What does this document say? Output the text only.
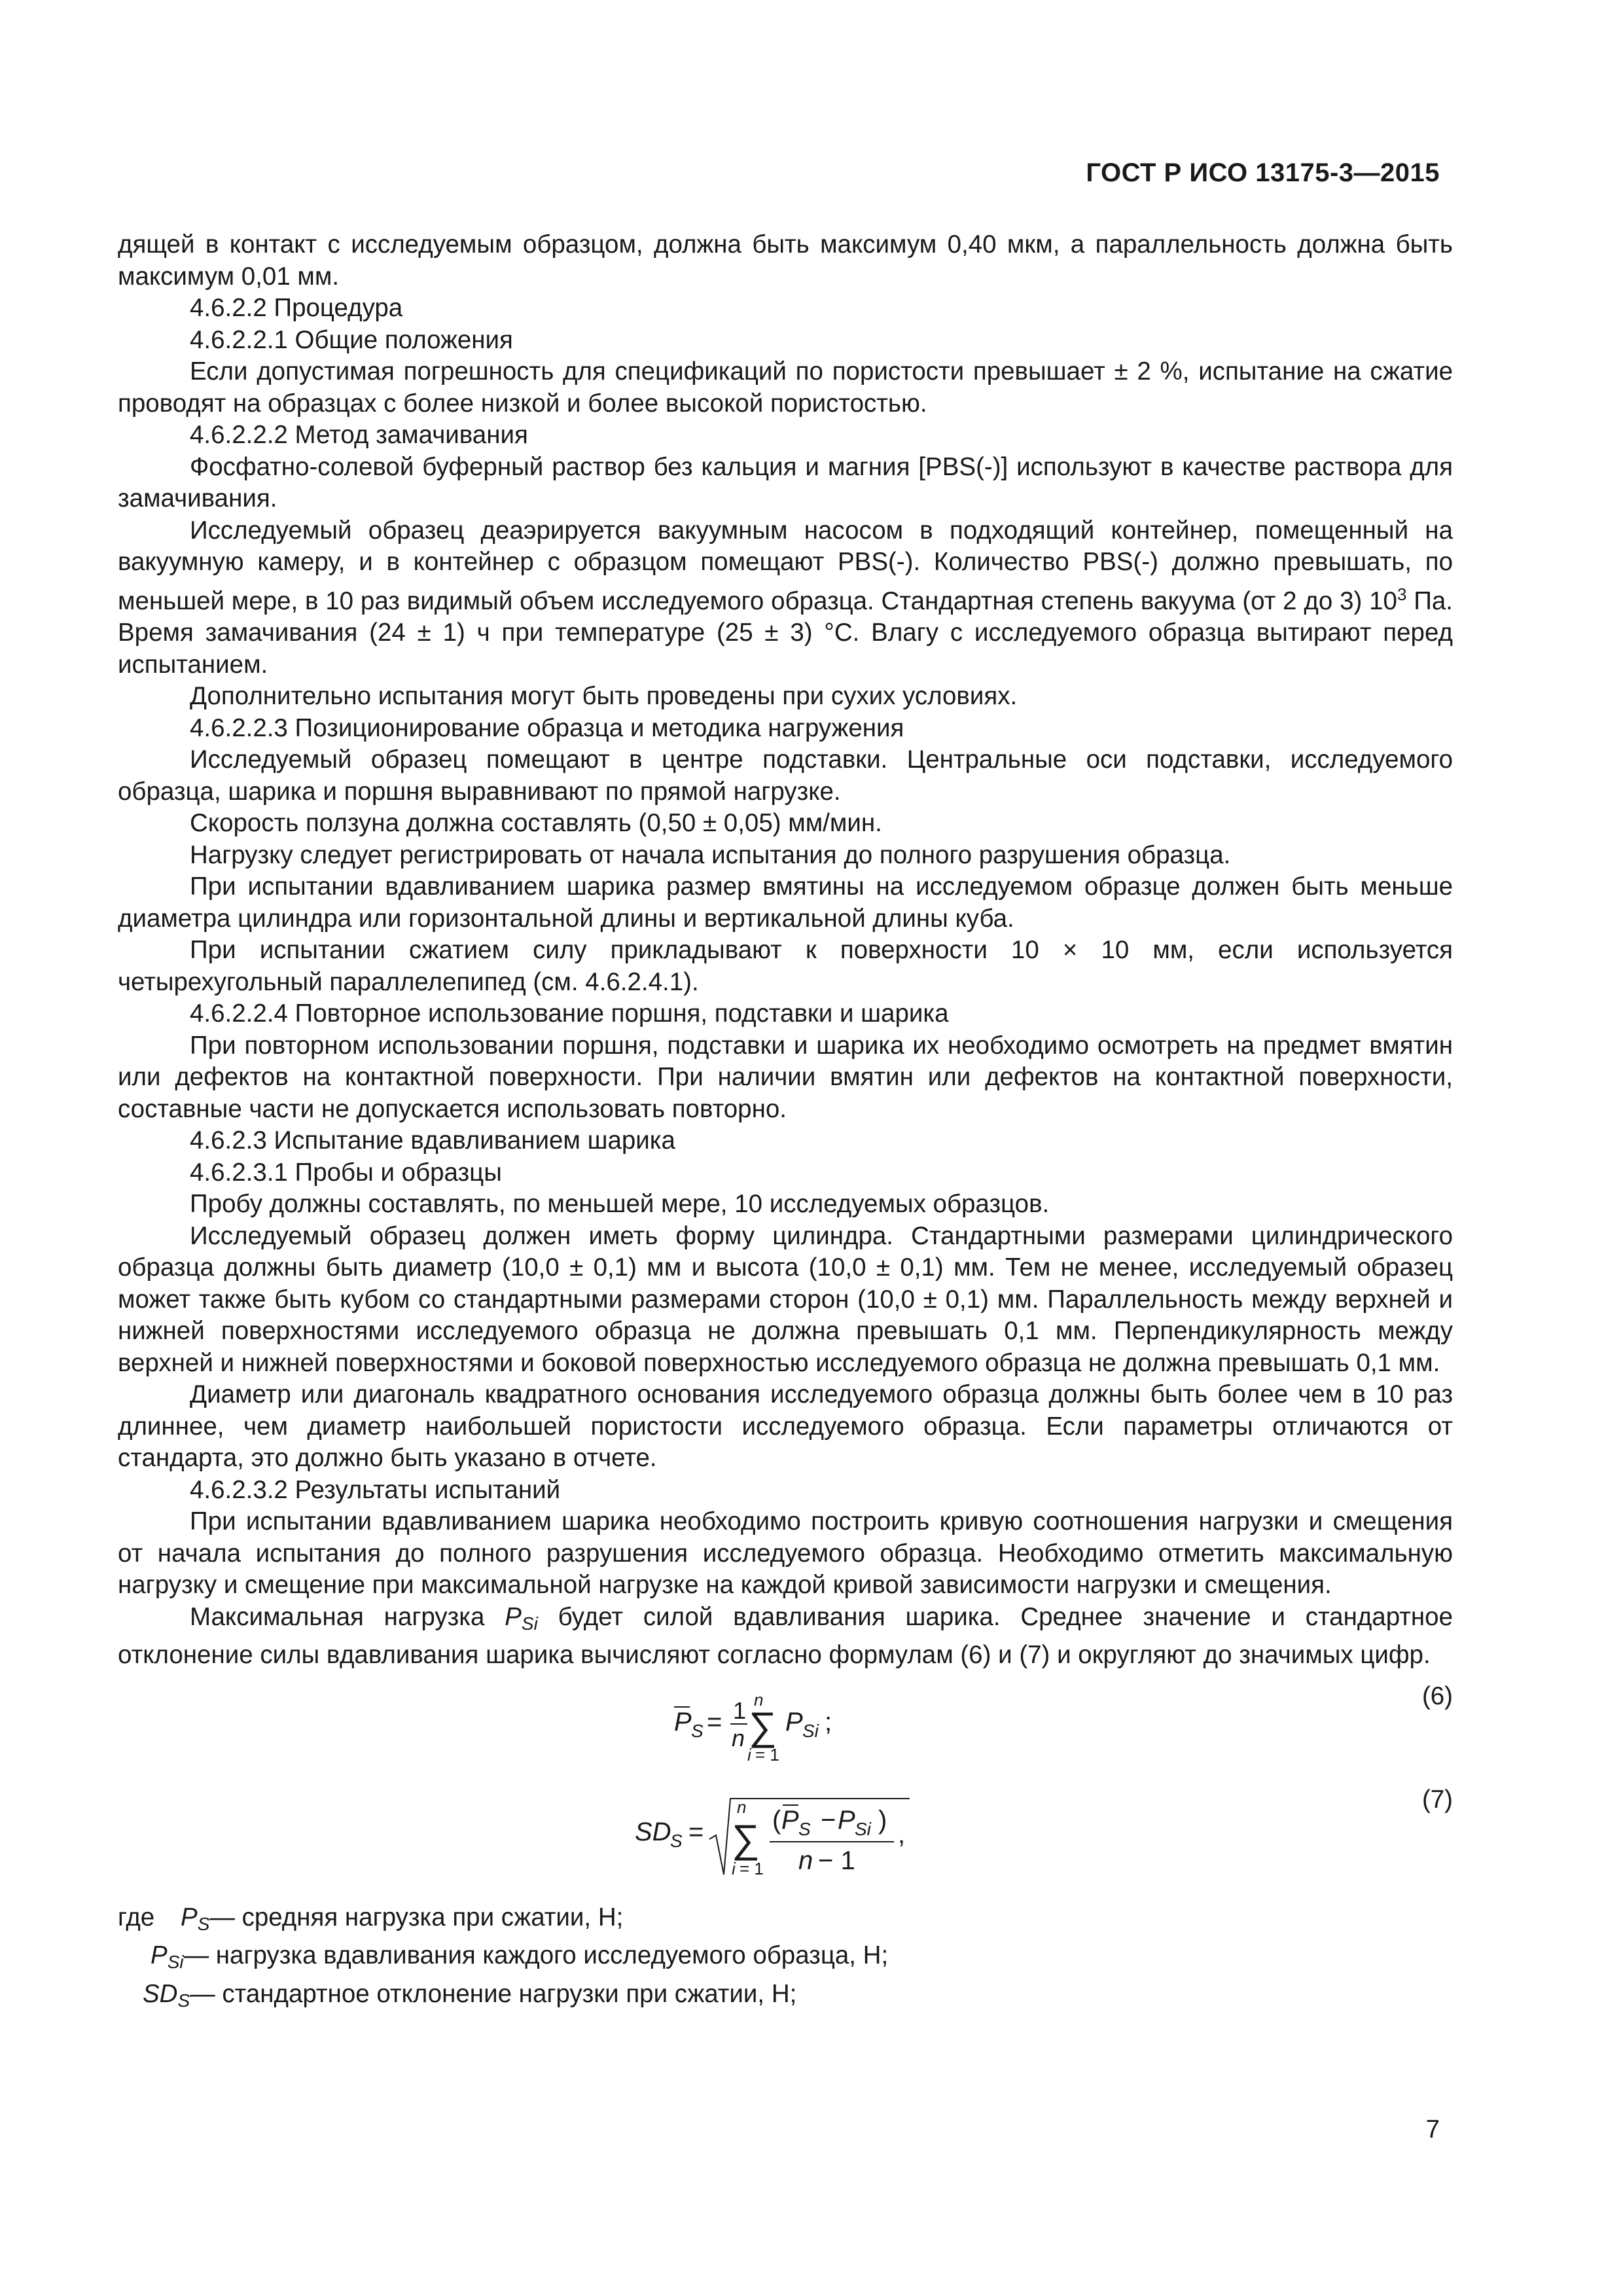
ГОСТ Р ИСО 13175-3—2015

дящей в контакт с исследуемым образцом, должна быть максимум 0,40 мкм, а параллельность должна быть максимум 0,01 мм.

4.6.2.2 Процедура

4.6.2.2.1 Общие положения

Если допустимая погрешность для спецификаций по пористости превышает ± 2 %, испытание на сжатие проводят на образцах с более низкой и более высокой пористостью.

4.6.2.2.2 Метод замачивания

Фосфатно-солевой буферный раствор без кальция и магния [PBS(-)] используют в качестве раствора для замачивания.

Исследуемый образец деаэрируется вакуумным насосом в подходящий контейнер, помещенный на вакуумную камеру, и в контейнер с образцом помещают PBS(-). Количество PBS(-) должно превышать, по меньшей мере, в 10 раз видимый объем исследуемого образца. Стандартная степень вакуума (от 2 до 3) $10^3$ Па. Время замачивания (24 ± 1) ч при температуре (25 ± 3) °С. Влагу с исследуемого образца вытирают перед испытанием.

Дополнительно испытания могут быть проведены при сухих условиях.

4.6.2.2.3 Позиционирование образца и методика нагружения

Исследуемый образец помещают в центре подставки. Центральные оси подставки, исследуемого образца, шарика и поршня выравнивают по прямой нагрузке.

Скорость ползуна должна составлять (0,50 ± 0,05) мм/мин.

Нагрузку следует регистрировать от начала испытания до полного разрушения образца.

При испытании вдавливанием шарика размер вмятины на исследуемом образце должен быть меньше диаметра цилиндра или горизонтальной длины и вертикальной длины куба.

При испытании сжатием силу прикладывают к поверхности 10 × 10 мм, если используется четырехугольный параллелепипед (см. 4.6.2.4.1).

4.6.2.2.4 Повторное использование поршня, подставки и шарика

При повторном использовании поршня, подставки и шарика их необходимо осмотреть на предмет вмятин или дефектов на контактной поверхности. При наличии вмятин или дефектов на контактной поверхности, составные части не допускается использовать повторно.

4.6.2.3 Испытание вдавливанием шарика

4.6.2.3.1 Пробы и образцы

Пробу должны составлять, по меньшей мере, 10 исследуемых образцов.

Исследуемый образец должен иметь форму цилиндра. Стандартными размерами цилиндрического образца должны быть диаметр (10,0 ± 0,1) мм и высота (10,0 ± 0,1) мм. Тем не менее, исследуемый образец может также быть кубом со стандартными размерами сторон (10,0 ± 0,1) мм. Параллельность между верхней и нижней поверхностями исследуемого образца не должна превышать 0,1 мм. Перпендикулярность между верхней и нижней поверхностями и боковой поверхностью исследуемого образца не должна превышать 0,1 мм.

Диаметр или диагональ квадратного основания исследуемого образца должны быть более чем в 10 раз длиннее, чем диаметр наибольшей пористости исследуемого образца. Если параметры отличаются от стандарта, это должно быть указано в отчете.

4.6.2.3.2 Результаты испытаний

При испытании вдавливанием шарика необходимо построить кривую соотношения нагрузки и смещения от начала испытания до полного разрушения исследуемого образца. Необходимо отметить максимальную нагрузку и смещение при максимальной нагрузке на каждой кривой зависимости нагрузки и смещения.

Максимальная нагрузка $P_{Si}$ будет силой вдавливания шарика. Среднее значение и стандартное отклонение силы вдавливания шарика вычисляют согласно формулам (6) и (7) и округляют до значимых цифр.

P S = 1
n
n
∑
i = 1
P Si ;
(6)
SD
S =
n
∑
i = 1
( P S − P Si )
n − 1
,
(7)
где	$P_S$ — средняя нагрузка при сжатии, Н;
$P_{Si}$ — нагрузка вдавливания каждого исследуемого образца, Н;
$SD_S$ — стандартное отклонение нагрузки при сжатии, Н;
7
